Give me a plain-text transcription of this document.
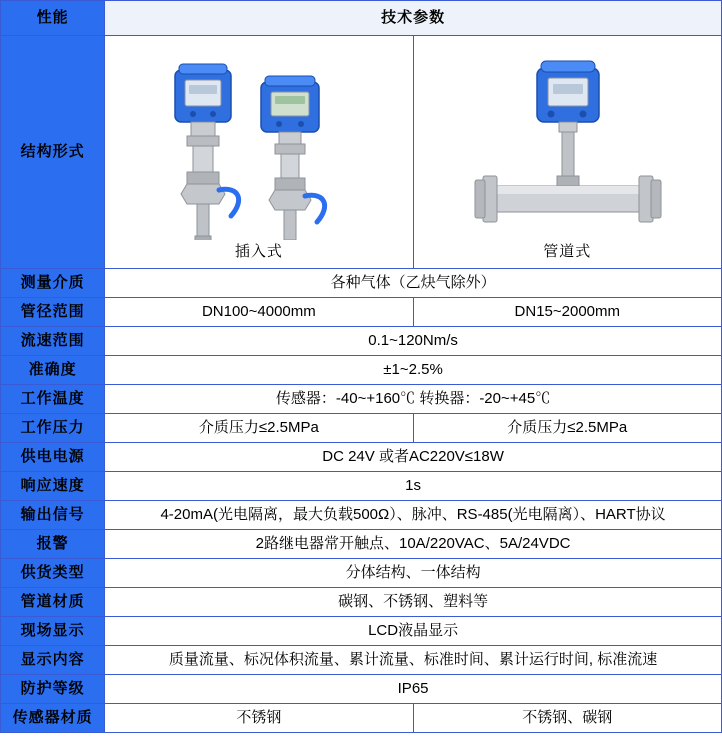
性能	技术参数	
结构形式	插入式	管道式

测量介质	各种气体（乙炔气除外）	
管径范围	DN100~4000mm	DN15~2000mm
流速范围	0.1~120Nm/s	
准确度	±1~2.5%	
工作温度	传感器：-40~+160℃ 转换器：-20~+45℃	
工作压力	介质压力≤2.5MPa	介质压力≤2.5MPa
供电电源	DC 24V 或者AC220V≤18W	
响应速度	1s	
输出信号	4-20mA(光电隔离，最大负载500Ω）、脉冲、RS-485(光电隔离）、HART协议	
报警	2路继电器常开触点、10A/220VAC、5A/24VDC	
供货类型	分体结构、一体结构	
管道材质	碳钢、不锈钢、塑料等	
现场显示	LCD液晶显示	
显示内容	质量流量、标况体积流量、累计流量、标准时间、累计运行时间, 标准流速	
防护等级	IP65	
传感器材质	不锈钢	不锈钢、碳钢
